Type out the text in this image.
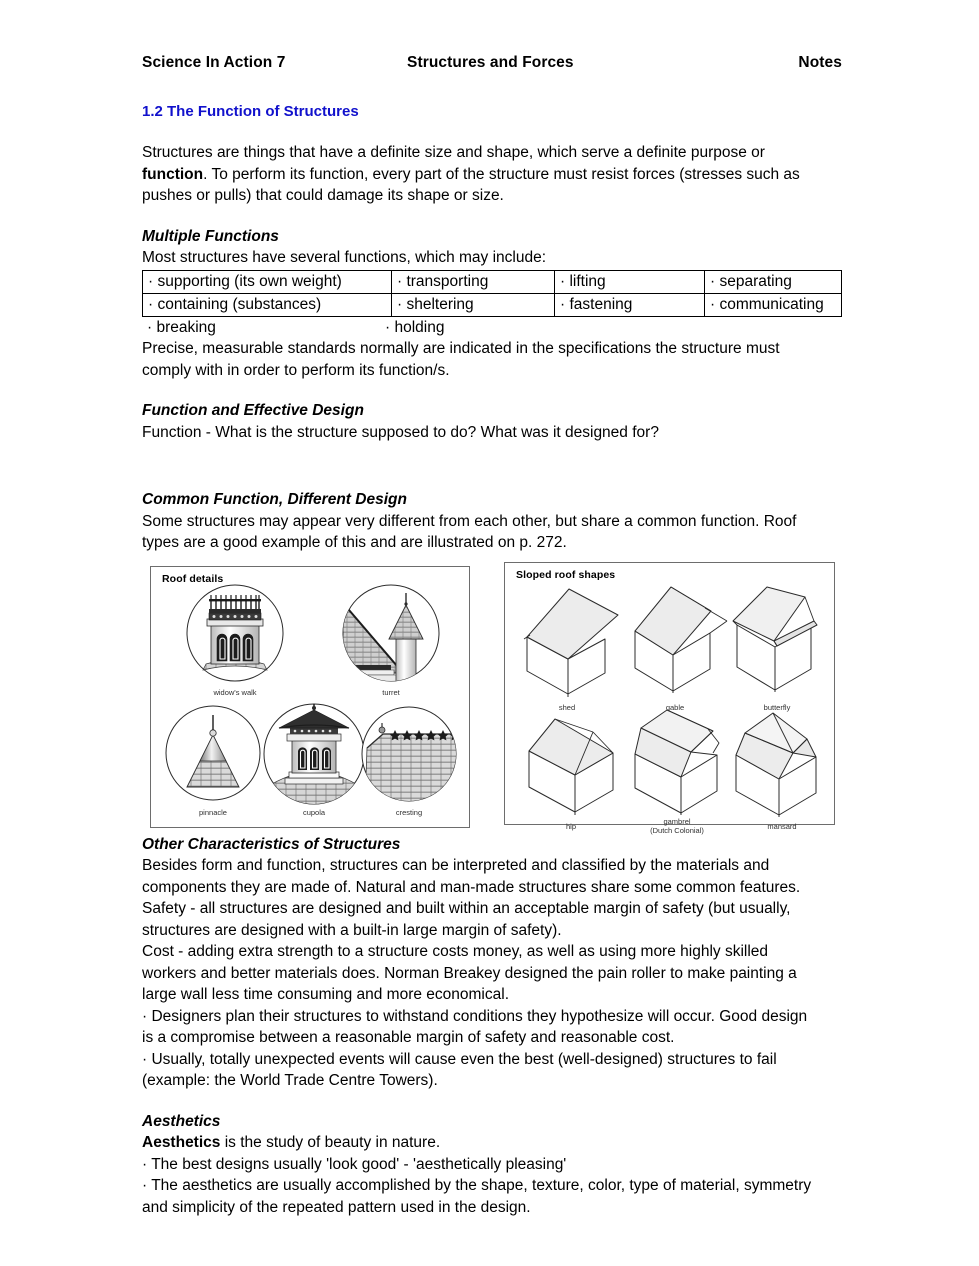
Science In Action 7	Structures and Forces	Notes
1.2 The Function of Structures
Structures are things that have a definite size and shape, which serve a definite purpose or
function. To perform its function, every part of the structure must resist forces (stresses such as
pushes or pulls) that could damage its shape or size.
Multiple Functions
Most structures have several functions, which may include:
· supporting (its own weight)	· transporting	· lifting	· separating
· containing (substances)	· sheltering	· fastening	· communicating
· breaking	· holding
Precise, measurable standards normally are indicated in the specifications the structure must
comply with in order to perform its function/s.
Function and Effective Design
Function - What is the structure supposed to do? What was it designed for?
Common Function, Different Design
Some structures may appear very different from each other, but share a common function. Roof
types are a good example of this and are illustrated on p. 272.
Roof details
widow's walk	turret
pinnacle	cupola	cresting
Sloped roof shapes
shed	gable	butterfly
hip
gambrel
(Dutch Colonial)	mansard
Other Characteristics of Structures
Besides form and function, structures can be interpreted and classified by the materials and
components they are made of. Natural and man-made structures share some common features.
Safety - all structures are designed and built within an acceptable margin of safety (but usually,
structures are designed with a built-in large margin of safety).
Cost - adding extra strength to a structure costs money, as well as using more highly skilled
workers and better materials does. Norman Breakey designed the pain roller to make painting a
large wall less time consuming and more economical.
· Designers plan their structures to withstand conditions they hypothesize will occur. Good design
is a compromise between a reasonable margin of safety and reasonable cost.
· Usually, totally unexpected events will cause even the best (well-designed) structures to fail
(example: the World Trade Centre Towers).
Aesthetics
Aesthetics is the study of beauty in nature.
· The best designs usually 'look good' - 'aesthetically pleasing'
· The aesthetics are usually accomplished by the shape, texture, color, type of material, symmetry
and simplicity of the repeated pattern used in the design.
